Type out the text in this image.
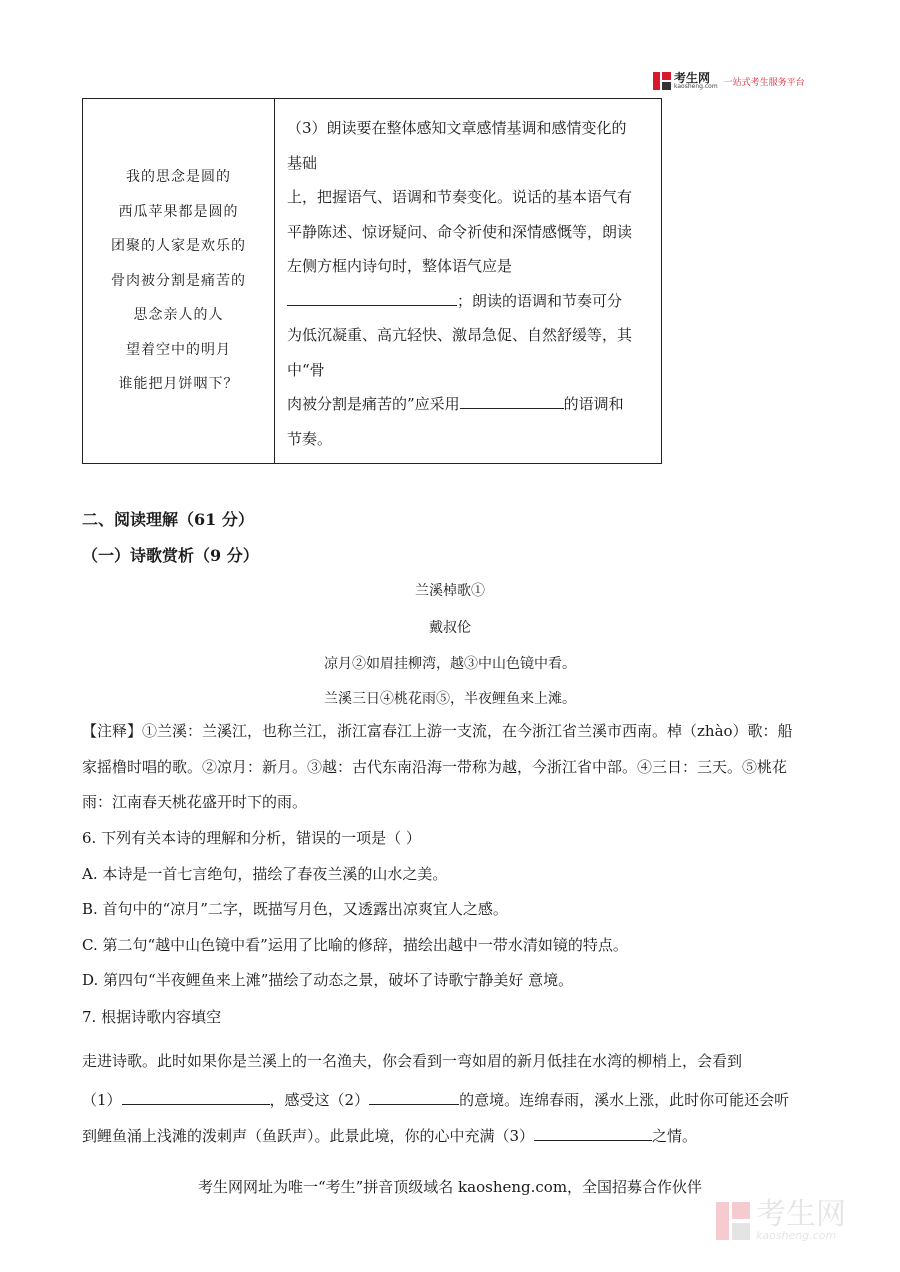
考生网
kaosheng.com 一站式考生服务平台
我的思念是圆的
西瓜苹果都是圆的
团聚的人家是欢乐的
骨肉被分割是痛苦的
思念亲人的人
望着空中的明月
谁能把月饼咽下？
（3）朗读要在整体感知文章感情基调和感情变化的
基础
上，把握语气、语调和节奏变化。说话的基本语气有
平静陈述、惊讶疑问、命令祈使和深情感慨等，朗读
左侧方框内诗句时，整体语气应是
；朗读的语调和节奏可分
为低沉凝重、高亢轻快、激昂急促、自然舒缓等，其
中“骨
肉被分割是痛苦的”应采用	的语调和
节奏。
二、阅读理解（61 分）
（一）诗歌赏析（9 分）
兰溪棹歌①
戴叔伦
凉月②如眉挂柳湾，越③中山色镜中看。
兰溪三日④桃花雨⑤，半夜鲤鱼来上滩。
【注释】①兰溪：兰溪江，也称兰江，浙江富春江上游一支流，在今浙江省兰溪市西南。棹（zhào）歌：船
家摇橹时唱的歌。②凉月：新月。③越：古代东南沿海一带称为越，今浙江省中部。④三日：三天。⑤桃花
雨：江南春天桃花盛开时下的雨。
6. 下列有关本诗的理解和分析，错误的一项是（ ）
A. 本诗是一首七言绝句，描绘了春夜兰溪的山水之美。
B. 首句中的“凉月”二字，既描写月色，又透露出凉爽宜人之感。
C. 第二句“越中山色镜中看”运用了比喻的修辞，描绘出越中一带水清如镜的特点。
D. 第四句“半夜鲤鱼来上滩”描绘了动态之景，破坏了诗歌宁静美好 意境。
7. 根据诗歌内容填空
走进诗歌。此时如果你是兰溪上的一名渔夫，你会看到一弯如眉的新月低挂在水湾的柳梢上，会看到
（1）	，感受这（2）	的意境。连绵春雨，溪水上涨，此时你可能还会听
到鲤鱼涌上浅滩的泼刺声（鱼跃声）。此景此境，你的心中充满（3）	之情。
考生网网址为唯一“考生”拼音顶级域名 kaosheng.com，全国招募合作伙伴
考生网
kaosheng.com
